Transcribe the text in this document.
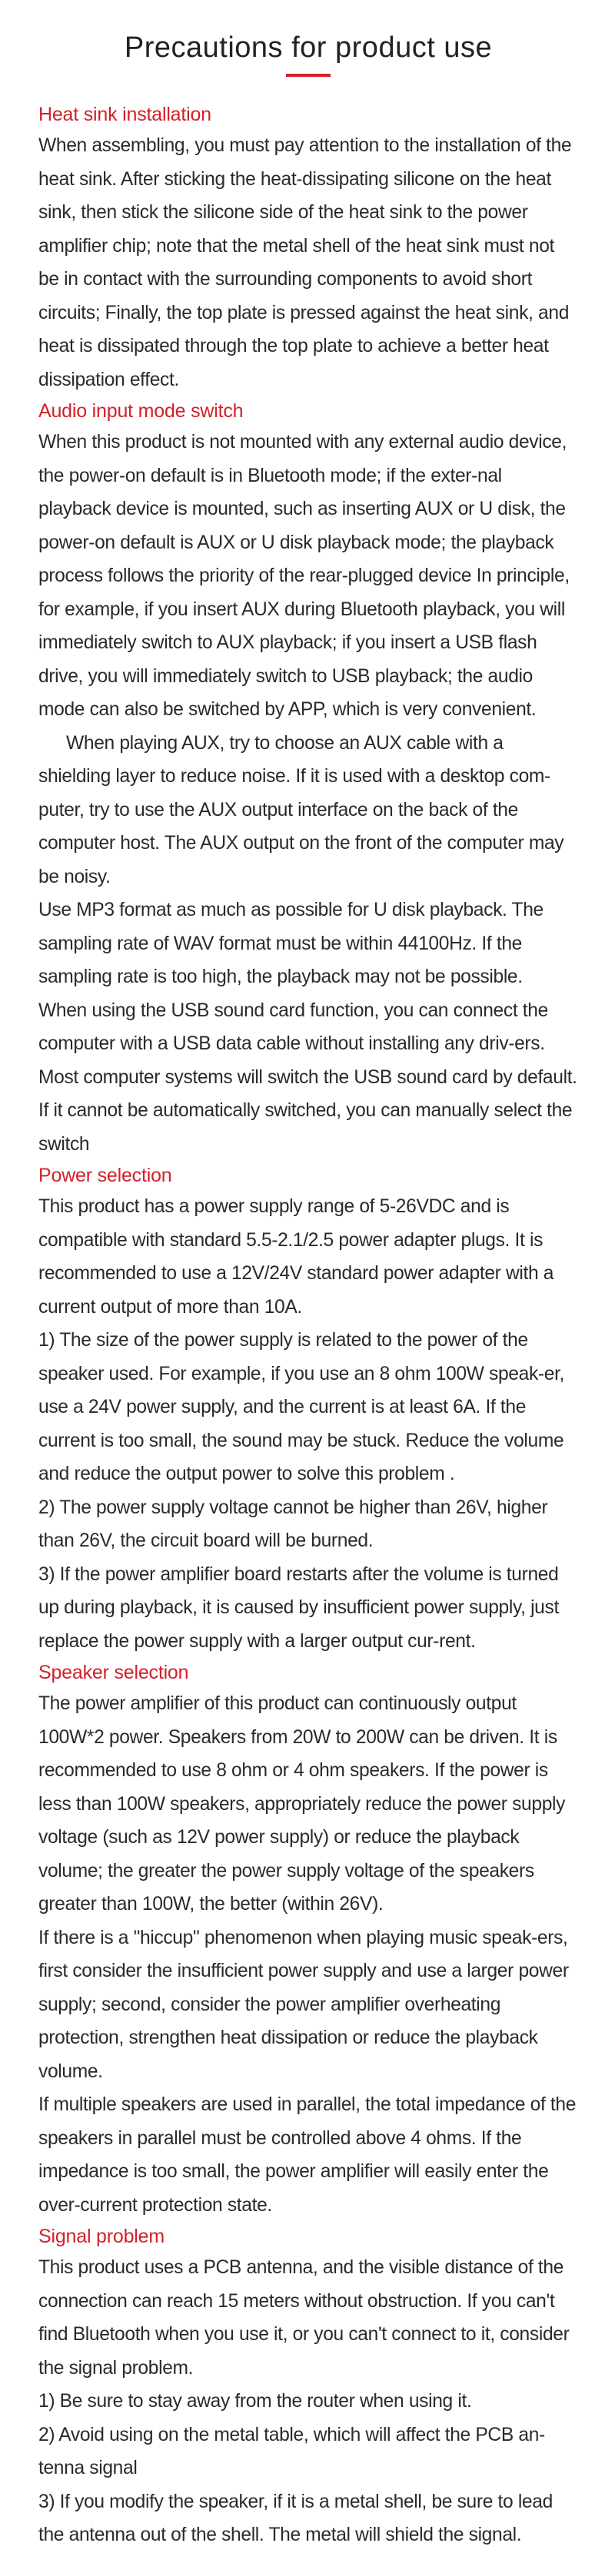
Precautions for product use
Heat sink installation

When assembling, you must pay attention to the installation of the heat sink. After sticking the heat-dissipating silicone on the heat sink, then stick the silicone side of the heat sink to the power amplifier chip; note that the metal shell of the heat sink must not be in contact with the surrounding components to avoid short circuits; Finally, the top plate is pressed against the heat sink, and heat is dissipated through the top plate to achieve a better heat dissipation effect.

Audio input mode switch

When this product is not mounted with any external audio device, the power-on default is in Bluetooth mode; if the exter-nal playback device is mounted, such as inserting AUX or U disk, the power-on default is AUX or U disk playback mode; the playback process follows the priority of the rear-plugged device In principle, for example, if you insert AUX during Bluetooth playback, you will immediately switch to AUX playback; if you insert a USB flash drive, you will immediately switch to USB playback; the audio mode can also be switched by APP, which is very convenient.

When playing AUX, try to choose an AUX cable with a shielding layer to reduce noise. If it is used with a desktop com-puter, try to use the AUX output interface on the back of the computer host. The AUX output on the front of the computer may be noisy.

Use MP3 format as much as possible for U disk playback. The sampling rate of WAV format must be within 44100Hz. If the sampling rate is too high, the playback may not be possible.

When using the USB sound card function, you can connect the computer with a USB data cable without installing any driv-ers. Most computer systems will switch the USB sound card by default. If it cannot be automatically switched, you can manually select the switch

Power selection

This product has a power supply range of 5-26VDC and is compatible with standard 5.5-2.1/2.5 power adapter plugs. It is recommended to use a 12V/24V standard power adapter with a current output of more than 10A.

1) The size of the power supply is related to the power of the speaker used. For example, if you use an 8 ohm 100W speak-er, use a 24V power supply, and the current is at least 6A. If the current is too small, the sound may be stuck. Reduce the volume and reduce the output power to solve this problem .

2) The power supply voltage cannot be higher than 26V, higher than 26V, the circuit board will be burned.

3) If the power amplifier board restarts after the volume is turned up during playback, it is caused by insufficient power supply, just replace the power supply with a larger output cur-rent.

Speaker selection

The power amplifier of this product can continuously output 100W*2 power. Speakers from 20W to 200W can be driven. It is recommended to use 8 ohm or 4 ohm speakers. If the power is less than 100W speakers, appropriately reduce the power supply voltage (such as 12V power supply) or reduce the playback volume; the greater the power supply voltage of the speakers greater than 100W, the better (within 26V).

If there is a "hiccup" phenomenon when playing music speak-ers, first consider the insufficient power supply and use a larger power supply; second, consider the power amplifier overheating protection, strengthen heat dissipation or reduce the playback volume.

If multiple speakers are used in parallel, the total impedance of the speakers in parallel must be controlled above 4 ohms. If the impedance is too small, the power amplifier will easily enter the over-current protection state.

Signal problem

This product uses a PCB antenna, and the visible distance of the connection can reach 15 meters without obstruction. If you can't find Bluetooth when you use it, or you can't connect to it, consider the signal problem.

1) Be sure to stay away from the router when using it.

2) Avoid using on the metal table, which will affect the PCB an-tenna signal

3) If you modify the speaker, if it is a metal shell, be sure to lead the antenna out of the shell. The metal will shield the signal.
